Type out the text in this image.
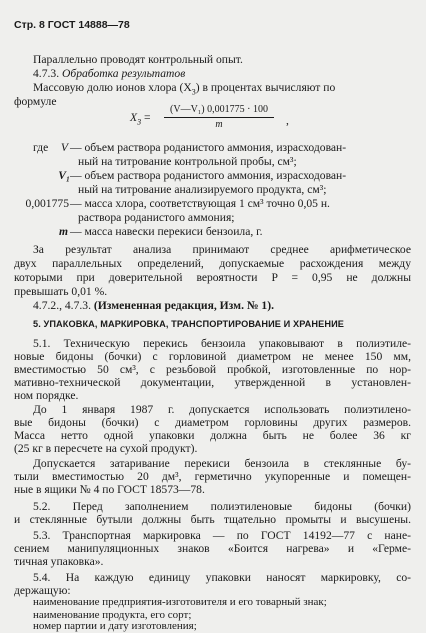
Стр. 8 ГОСТ 14888—78
Параллельно проводят контрольный опыт.
4.7.3. Обработка результатов
Массовую долю ионов хлора $(X_3)$ в процентах вычисляют по
формуле
$X_3$ =
(V—V₁) 0,001775 · 100
m	,
где V — объем раствора роданистого аммония, израсходован-
ный на титрование контрольной пробы, см³;
V₁ — объем раствора роданистого аммония, израсходован-
ный на титрование анализируемого продукта, см³;
0,001775 — масса хлора, соответствующая 1 см³ точно 0,05 н.
раствора роданистого аммония;
m — масса навески перекиси бензоила, г.
За результат анализа принимают среднее арифметическое
двух параллельных определений, допускаемые расхождения между
которыми при доверительной вероятности P = 0,95 не должны
превышать 0,01 %.
4.7.2., 4.7.3. (Измененная редакция, Изм. № 1).
5. УПАКОВКА, МАРКИРОВКА, ТРАНСПОРТИРОВАНИЕ И ХРАНЕНИЕ
5.1. Техническую перекись бензоила упаковывают в полиэтиле-
новые бидоны (бочки) с горловиной диаметром не менее 150 мм,
вместимостью 50 cм³, с резьбовой пробкой, изготовленные по нор-
мативно-технической документации, утвержденной в установлен-
ном порядке.
До 1 января 1987 г. допускается использовать полиэтилено-
вые бидоны (бочки) с диаметром горловины других размеров.
Масса нетто одной упаковки должна быть не более 36 кг
(25 кг в пересчете на сухой продукт).
Допускается затаривание перекиси бензоила в стеклянные бу-
тыли вместимостью 20 дм³, герметично укупоренные и помещен-
ные в ящики № 4 по ГОСТ 18573—78.
5.2. Перед заполнением полиэтиленовые бидоны (бочки)
и стеклянные бутыли должны быть тщательно промыты и высушены.
5.3. Транспортная маркировка — по ГОСТ 14192—77 с нане-
сением манипуляционных знаков «Боится нагрева» и «Герме-
тичная упаковка».
5.4. На каждую единицу упаковки наносят маркировку, со-
держащую:
наименование предприятия-изготовителя и его товарный знак;
наименование продукта, его сорт;
номер партии и дату изготовления;
